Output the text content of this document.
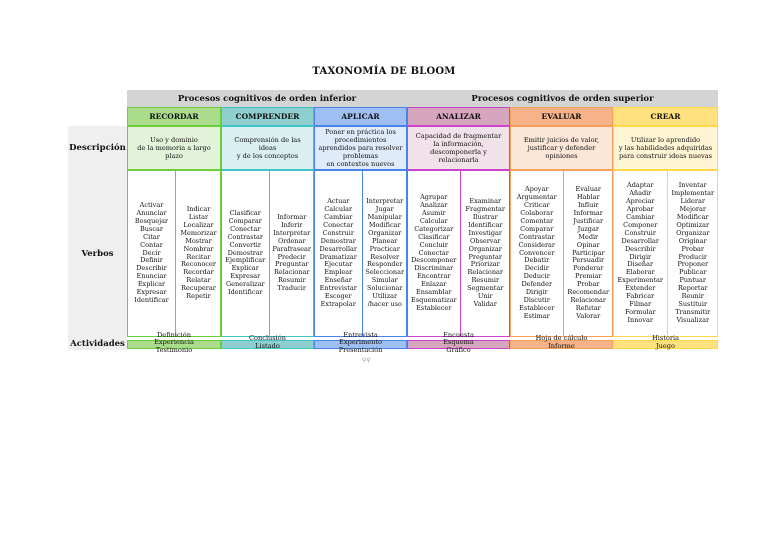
TAXONOMÍA DE BLOOM
Procesos cognitivos de orden inferior	Procesos cognitivos de orden superior
Descripción
Verbos
Actividades
RECORDAR
Uso y dominio
de la memoria a largo
plazo
Activar
Anunciar
Bosquejar
Buscar
Citar
Contar
Decir
Definir
Describir
Enunciar
Explicar
Expresar
Identificar
Indicar
Listar
Localizar
Memorizar
Mostrar
Nombrar
Recitar
Reconocer
Recordar
Relatar
Recuperar
Repetir
Definición
Experiencia
Testimonio
COMPRENDER
Comprensión de las
ideas
y de los conceptos
Clasificar
Comparar
Conectar
Contrastar
Convertir
Demostrar
Ejemplificar
Explicar
Expresar
Generalizar
Identificar
Informar
Inferir
Interpretar
Ordenar
Parafrasear
Predecir
Preguntar
Relacionar
Resumir
Traducir
Conclusión
Listado
APLICAR
Poner en práctica los
procedimientos
aprendidos para resolver
problemas
en contextos nuevos
Actuar
Calcular
Cambiar
Conectar
Construir
Demostrar
Desarrollar
Dramatizar
Ejecutar
Emplear
Enseñar
Entrevistar
Escoger
Extrapolar
Interpretar
Jugar
Manipular
Modificar
Organizar
Planear
Practicar
Resolver
Responder
Seleccionar
Simular
Solucionar
Utilizar
/hacer uso
Entrevista
Experimento
Presentación
ANALIZAR
Capacidad de fragmentar
la información,
descomponerla y
relacionarla
Agrupar
Analizar
Asumir
Calcular
Categorizar
Clasificar
Concluir
Conectar
Descomponer
Discriminar
Encontrar
Enlazar
Ensamblar
Esquematizar
Establecer
Examinar
Fragmentar
Ilustrar
Identificar
Investigar
Observar
Organizar
Preguntar
Priorizar
Relacionar
Resumir
Segmentar
Unir
Validar
Encuesta
Esquema
Gráfico
EVALUAR
Emitir juicios de valor,
justificar y defender
opiniones
Apoyar
Argumentar
Criticar
Colaborar
Comentar
Comparar
Contrastar
Considerar
Convencer
Debatir
Decidir
Deducir
Defender
Dirigir
Discutir
Establecer
Estimar
Evaluar
Hablar
Influir
Informar
Justificar
Juzgar
Medir
Opinar
Participar
Persuadir
Ponderar
Premiar
Probar
Recomendar
Relacionar
Refutar
Valorar
Hoja de cálculo
Informe
CREAR
Utilizar lo aprendido
y las habilidades adquiridas
para construir ideas nuevas
Adaptar
Añadir
Apreciar
Aprobar
Cambiar
Componer
Construir
Desarrollar
Describir
Dirigir
Diseñar
Elaborar
Experimentar
Extender
Fabricar
Filmar
Formular
Innovar
Inventar
Implementar
Liderar
Mejorar
Modificar
Optimizar
Organizar
Originar
Probar
Producir
Proponer
Publicar
Puntuar
Reportar
Reunir
Sustituir
Transmitir
Visualizar
Historia
Juego
⚲⚲
